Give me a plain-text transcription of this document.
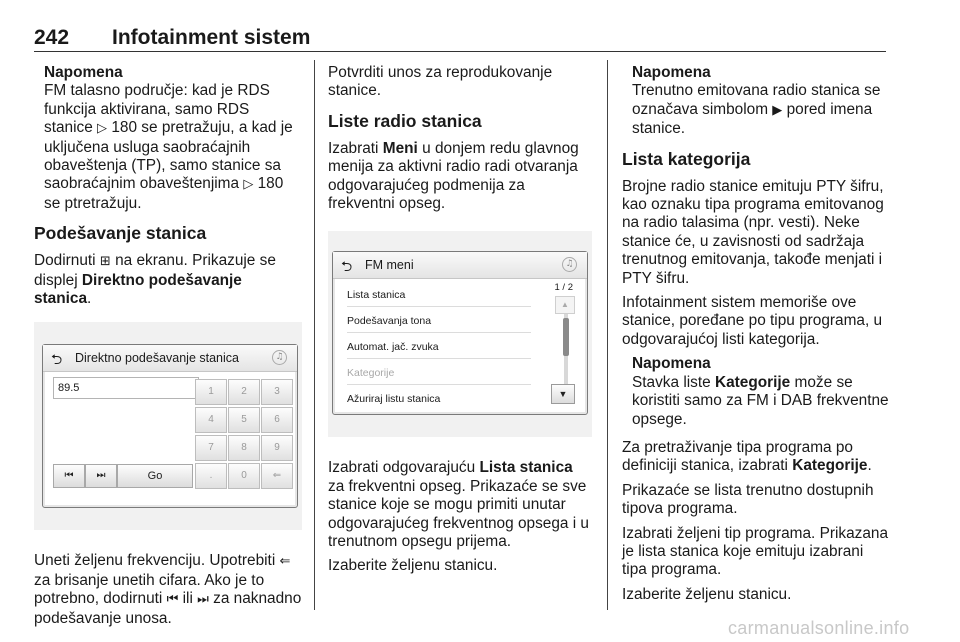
242 Infotainment sistem

Napomena

FM talasno područje: kad je RDS funkcija aktivirana, samo RDS stanice ▷ 180 se pretražuju, a kad je uključena usluga saobraćajnih obaveštenja (TP), samo stanice sa saobraćajnim obaveštenjima ▷ 180 se ptretražuju.

Podešavanje stanica

Dodirnuti ⊞ na ekranu. Prikazuje se displej Direktno podešavanje stanica.

⮌ Direktno podešavanje stanica	♫
89.5	1	2	3
4	5	6
7	8	9
.	0	⇐
⏮	⏭	Go

Uneti željenu frekvenciju. Upotrebiti ⇐ za brisanje unetih cifara. Ako je to potrebno, dodirnuti ⏮ ili ⏭ za naknadno podešavanje unosa.

Potvrditi unos za reprodukovanje stanice.

Liste radio stanica

Izabrati Meni u donjem redu glavnog menija za aktivni radio radi otvaranja odgovarajućeg podmenija za frekventni opseg.

⮌ FM meni	♫
1 / 2
Lista stanica
Podešavanja tona
Automat. jač. zvuka
Kategorije
Ažuriraj listu stanica
▲
▼

Izabrati odgovarajuću Lista stanica za frekventni opseg. Prikazaće se sve stanice koje se mogu primiti unutar odgovarajućeg frekventnog opsega i u trenutnom opsegu prijema.

Izaberite željenu stanicu.

Napomena

Trenutno emitovana radio stanica se označava simbolom ▶ pored imena stanice.

Lista kategorija

Brojne radio stanice emituju PTY šifru, kao oznaku tipa programa emitovanog na radio talasima (npr. vesti). Neke stanice će, u zavisnosti od sadržaja trenutnog emitovanja, takođe menjati i PTY šifru.

Infotainment sistem memoriše ove stanice, poređane po tipu programa, u odgovarajućoj listi kategorija.

Napomena

Stavka liste Kategorije može se koristiti samo za FM i DAB frekventne opsege.

Za pretraživanje tipa programa po definiciji stanica, izabrati Kategorije.

Prikazaće se lista trenutno dostupnih tipova programa.

Izabrati željeni tip programa. Prikazana je lista stanica koje emituju izabrani tipa programa.

Izaberite željenu stanicu.

carmanualsonline.info
